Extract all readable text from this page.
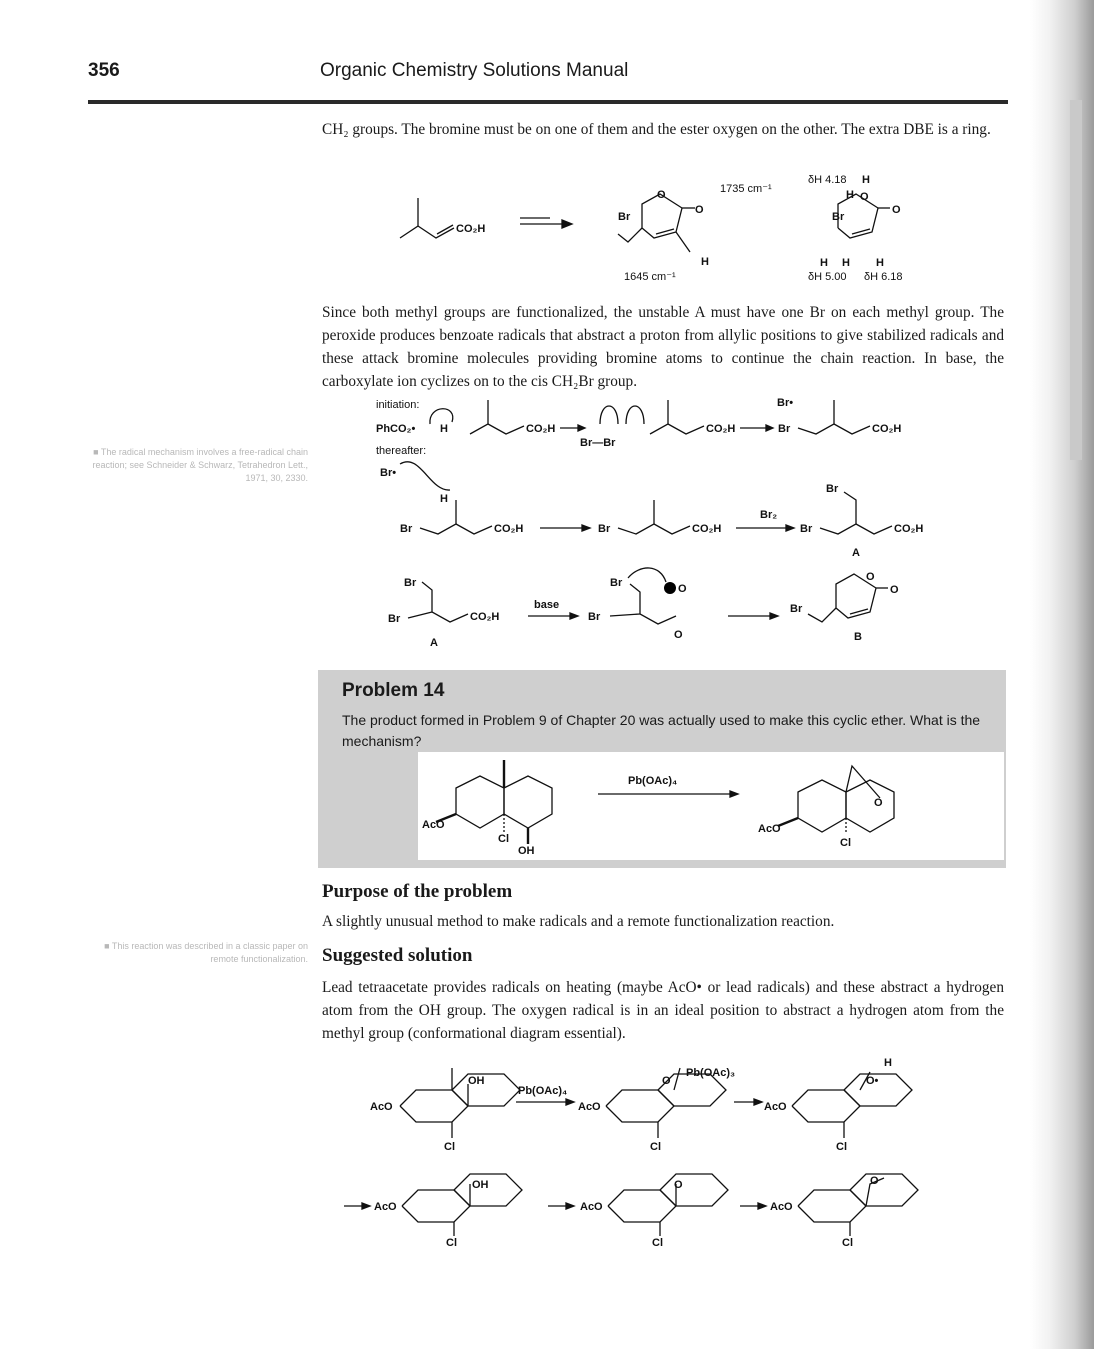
356	Organic Chemistry Solutions Manual

CH₂ groups. The bromine must be on one of them and the ester oxygen on the other. The extra DBE is a ring.

CO₂H
O
O
Br
H
1735 cm⁻¹
1645 cm⁻¹
O
O
Br
δH 4.18 H
H
H H H
δH 5.00 δH 6.18

Since both methyl groups are functionalized, the unstable A must have one Br on each methyl group. The peroxide produces benzoate radicals that abstract a proton from allylic positions to give stabilized radicals and these attack bromine molecules providing bromine atoms to continue the chain reaction. In base, the carboxylate ion cyclizes on to the cis CH₂Br group.

■ The radical mechanism involves a free-radical chain reaction; see Schneider & Schwarz, Tetrahedron Lett., 1971, 30, 2330.
initiation:
PhCO₂• H	CO₂H
Br—Br
CO₂H
Br•
Br	CO₂H
thereafter:
Br•
H
Br	CO₂H	Br	CO₂H
Br₂
Br
Br
CO₂H
A
Br
Br	CO₂H
A
base
Br
Br
O
O
O
O
Br
B
Problem 14

The product formed in Problem 9 of Chapter 20 was actually used to make this cyclic ether. What is the mechanism?

AcO
Cl
OH
Pb(OAc)₄
O
AcO
Cl
Purpose of the problem

A slightly unusual method to make radicals and a remote functionalization reaction.

■ This reaction was described in a classic paper on remote functionalization. Suggested solution

Lead tetraacetate provides radicals on heating (maybe AcO• or lead radicals) and these abstract a hydrogen atom from the OH group. The oxygen radical is in an ideal position to abstract a hydrogen atom from the methyl group (conformational diagram essential).

AcO
OH
Cl
Pb(OAc)₄
AcO
O
Pb(OAc)₃
Cl
AcO
O•
H
Cl
AcO
OH
Cl
AcO
O
Cl
AcO
O
Cl
